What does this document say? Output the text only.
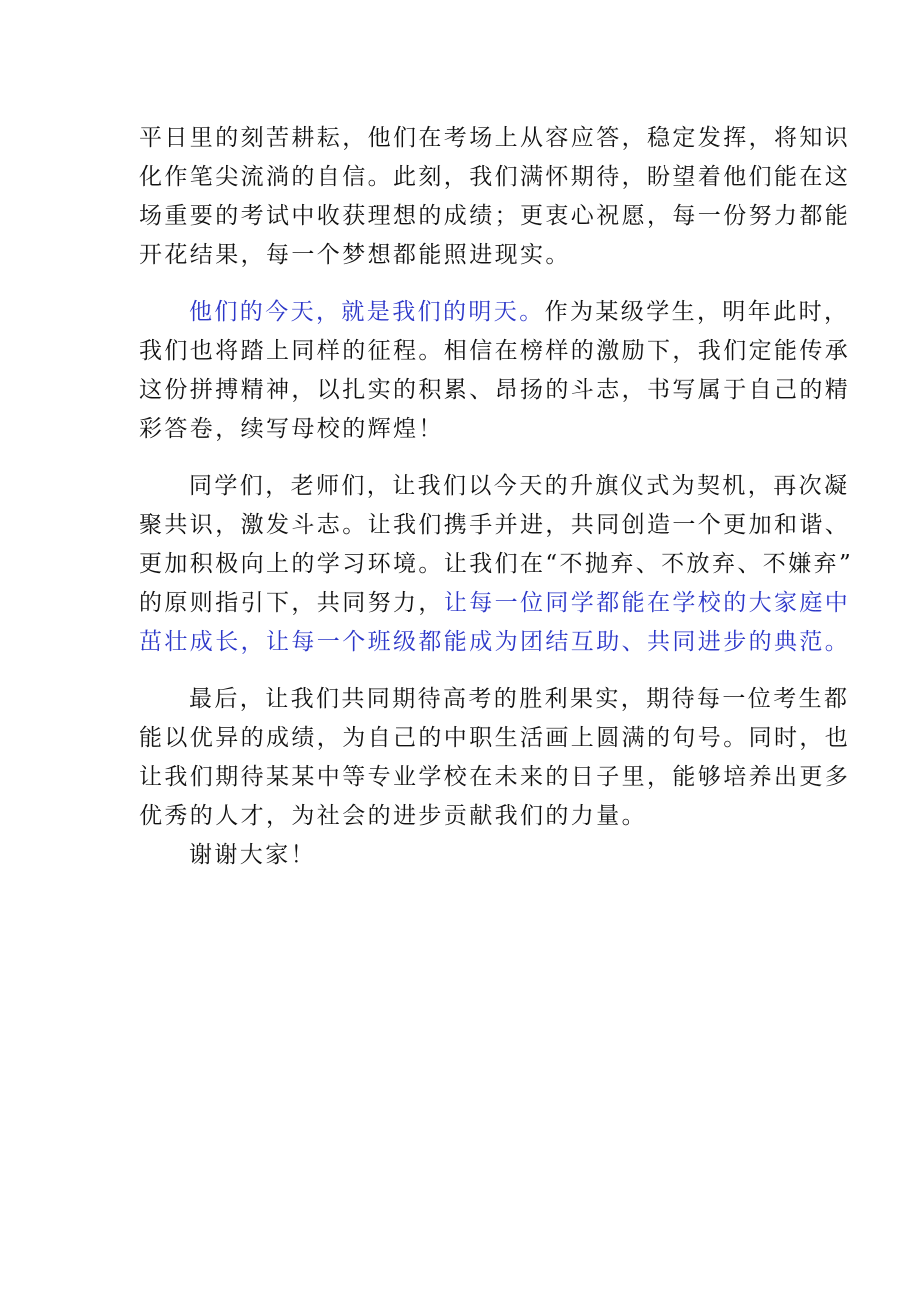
平日里的刻苦耕耘，他们在考场上从容应答，稳定发挥，将知识
化作笔尖流淌的自信。此刻，我们满怀期待，盼望着他们能在这
场重要的考试中收获理想的成绩；更衷心祝愿，每一份努力都能
开花结果，每一个梦想都能照进现实。
他们的今天，就是我们的明天。作为某级学生，明年此时，
我们也将踏上同样的征程。相信在榜样的激励下，我们定能传承
这份拼搏精神，以扎实的积累、昂扬的斗志，书写属于自己的精
彩答卷，续写母校的辉煌！
同学们，老师们，让我们以今天的升旗仪式为契机，再次凝
聚共识，激发斗志。让我们携手并进，共同创造一个更加和谐、
更加积极向上的学习环境。让我们在“不抛弃、不放弃、不嫌弃”
的原则指引下，共同努力，让每一位同学都能在学校的大家庭中
茁壮成长，让每一个班级都能成为团结互助、共同进步的典范。
最后，让我们共同期待高考的胜利果实，期待每一位考生都
能以优异的成绩，为自己的中职生活画上圆满的句号。同时，也
让我们期待某某中等专业学校在未来的日子里，能够培养出更多
优秀的人才，为社会的进步贡献我们的力量。
谢谢大家！
